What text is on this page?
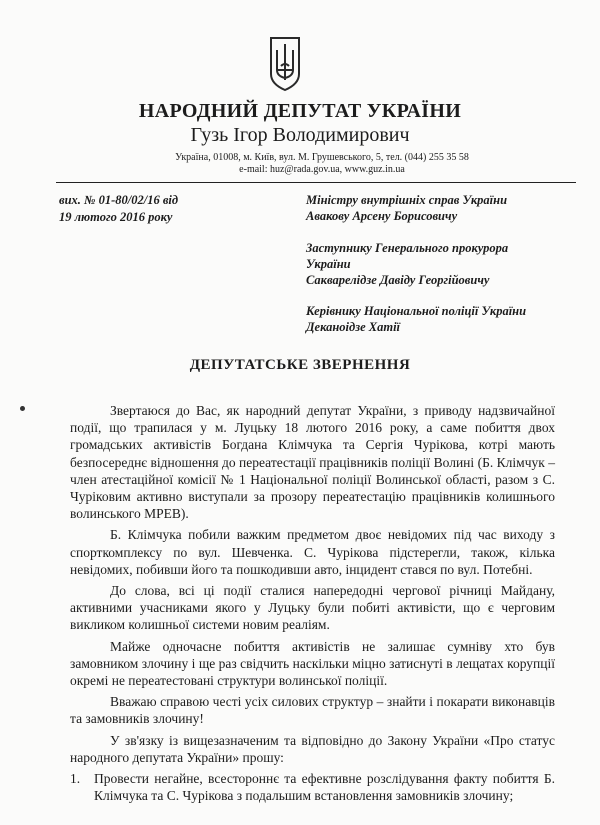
НАРОДНИЙ ДЕПУТАТ УКРАЇНИ
Гузь Ігор Володимирович
Україна, 01008, м. Київ, вул. М. Грушевського, 5, тел. (044) 255 35 58
e-mail: huz@rada.gov.ua, www.guz.in.ua
вих. № 01-80/02/16 від
19 лютого 2016 року
Міністру внутрішніх справ України
Авакову Арсену Борисовичу
Заступнику Генерального прокурора
України
Сакварелідзе Давіду Георгійовичу
Керівнику Національної поліції України
Деканоідзе Хатії
ДЕПУТАТСЬКЕ ЗВЕРНЕННЯ

Звертаюся до Вас, як народний депутат України, з приводу надзвичайної події, що трапилася у м. Луцьку 18 лютого 2016 року, а саме побиття двох громадських активістів Богдана Клімчука та Сергія Чурікова, котрі мають безпосереднє відношення до переатестації працівників поліції Волині (Б. Клімчук – член атестаційної комісії № 1 Національної поліції Волинської області, разом з С. Чуріковим активно виступали за прозору переатестацію працівників колишнього волинського МРЕВ).

Б. Клімчука побили важким предметом двоє невідомих під час виходу з спорткомплексу по вул. Шевченка. С. Чурікова підстерегли, також, кілька невідомих, побивши його та пошкодивши авто, інцидент стався по вул. Потебні.

До слова, всі ці події сталися напередодні чергової річниці Майдану, активними учасниками якого у Луцьку були побиті активісти, що є черговим викликом колишньої системи новим реаліям.

Майже одночасне побиття активістів не залишає сумніву хто був замовником злочину і ще раз свідчить наскільки міцно затиснуті в лещатах корупції окремі не переатестовані структури волинської поліції.

Вважаю справою честі усіх силових структур – знайти і покарати виконавців та замовників злочину!

У зв'язку із вищезазначеним та відповідно до Закону України «Про статус народного депутата України» прошу:

1.	Провести негайне, всестороннє та ефективне розслідування факту побиття Б. Клімчука та С. Чурікова з подальшим встановлення замовників злочину;
